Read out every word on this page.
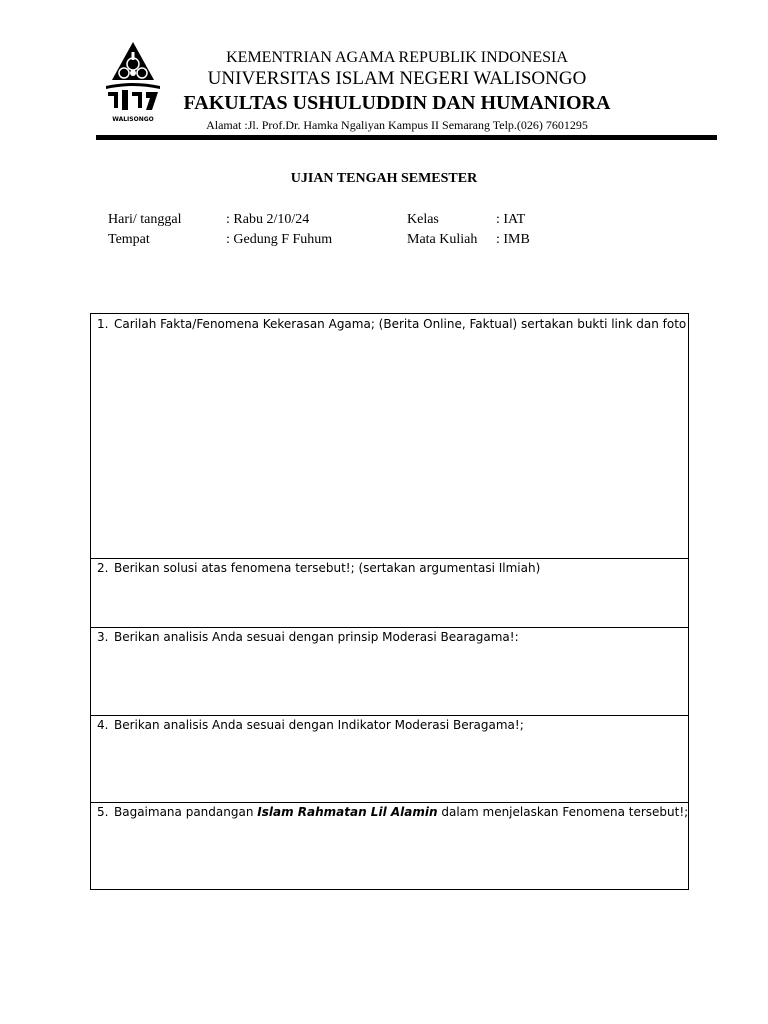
WALISONGO
KEMENTRIAN AGAMA REPUBLIK INDONESIA
UNIVERSITAS ISLAM NEGERI WALISONGO
FAKULTAS USHULUDDIN DAN HUMANIORA
Alamat :Jl. Prof.Dr. Hamka Ngaliyan Kampus II Semarang Telp.(026) 7601295
UJIAN TENGAH SEMESTER
Hari/ tanggal	: Rabu 2/10/24	Kelas	: IAT
Tempat	: Gedung F Fuhum	Mata Kuliah : IMB
1. Carilah Fakta/Fenomena Kekerasan Agama; (Berita Online, Faktual) sertakan bukti link dan foto
2. Berikan solusi atas fenomena tersebut!; (sertakan argumentasi Ilmiah)
3. Berikan analisis Anda sesuai dengan prinsip Moderasi Bearagama!:
4. Berikan analisis Anda sesuai dengan Indikator Moderasi Beragama!;
5. Bagaimana pandangan Islam Rahmatan Lil Alamin dalam menjelaskan Fenomena tersebut!;
